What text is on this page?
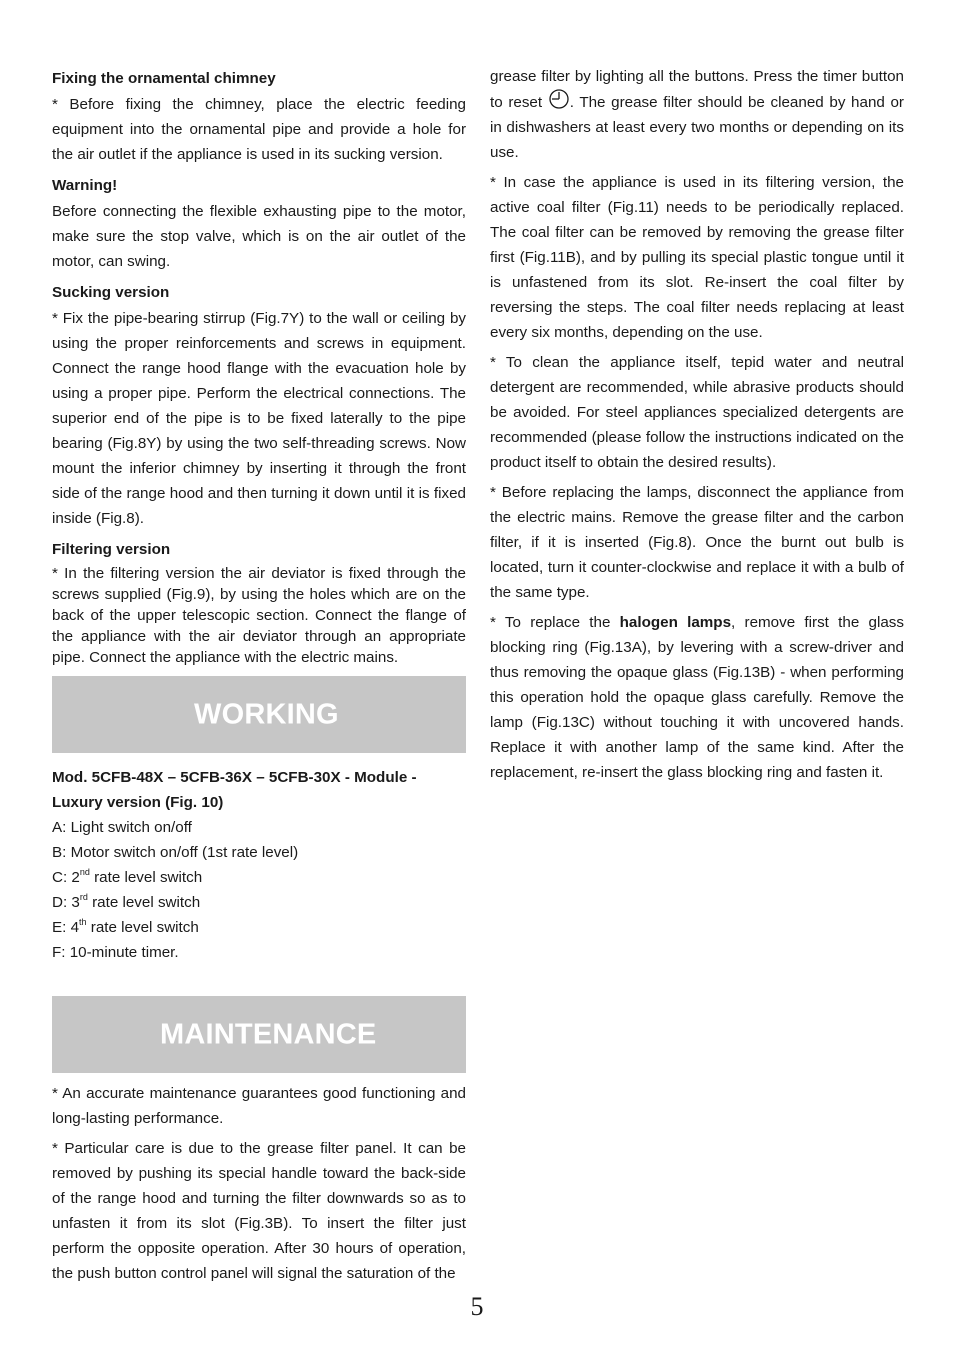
Fixing the ornamental chimney

* Before fixing the chimney, place the electric feeding equipment into the ornamental pipe and provide a hole for the air outlet if the appliance is used in its sucking version.

Warning!

Before connecting the flexible exhausting pipe to the motor, make sure the stop valve, which is on the air outlet of the motor, can swing.

Sucking version

* Fix the pipe-bearing stirrup (Fig.7Y) to the wall or ceiling by using the proper reinforcements and screws in equipment. Connect the range hood flange with the evacuation hole by using a proper pipe. Perform the electrical connections. The superior end of the pipe is to be fixed laterally to the pipe bearing (Fig.8Y) by using the two self-threading screws. Now mount the inferior chimney by inserting it through the front side of the range hood and then turning it down until it is fixed inside (Fig.8).

Filtering version

* In the filtering version the air deviator is fixed through the screws supplied (Fig.9), by using the holes which are on the back of the upper telescopic section. Connect the flange of the appliance with the air deviator through an appropriate pipe. Connect the appliance with the electric mains.

WORKING

Mod. 5CFB-48X – 5CFB-36X – 5CFB-30X - Module -

Luxury version (Fig. 10)

A: Light switch on/off

B: Motor switch on/off (1st rate level)

C: 2nd rate level switch

D: 3rd rate level switch

E: 4th rate level switch

F: 10-minute timer.

MAINTENANCE

* An accurate maintenance guarantees good functioning and long-lasting performance.

* Particular care is due to the grease filter panel. It can be removed by pushing its special handle toward the back-side of the range hood and turning the filter downwards so as to unfasten it from its slot (Fig.3B). To insert the filter just perform the opposite operation. After 30 hours of operation, the push button control panel will signal the saturation of the

grease filter by lighting all the buttons. Press the timer button to reset . The grease filter should be cleaned by hand or in dishwashers at least every two months or depending on its use.

* In case the appliance is used in its filtering version, the active coal filter (Fig.11) needs to be periodically replaced. The coal filter can be removed by removing the grease filter first (Fig.11B), and by pulling its special plastic tongue until it is unfastened from its slot. Re-insert the coal filter by reversing the steps. The coal filter needs replacing at least every six months, depending on the use.

* To clean the appliance itself, tepid water and neutral detergent are recommended, while abrasive products should be avoided. For steel appliances specialized detergents are recommended (please follow the instructions indicated on the product itself to obtain the desired results).

* Before replacing the lamps, disconnect the appliance from the electric mains. Remove the grease filter and the carbon filter, if it is inserted (Fig.8). Once the burnt out bulb is located, turn it counter-clockwise and replace it with a bulb of the same type.

* To replace the halogen lamps, remove first the glass blocking ring (Fig.13A), by levering with a screw-driver and thus removing the opaque glass (Fig.13B) - when performing this operation hold the opaque glass carefully. Remove the lamp (Fig.13C) without touching it with uncovered hands. Replace it with another lamp of the same kind. After the replacement, re-insert the glass blocking ring and fasten it.

5
